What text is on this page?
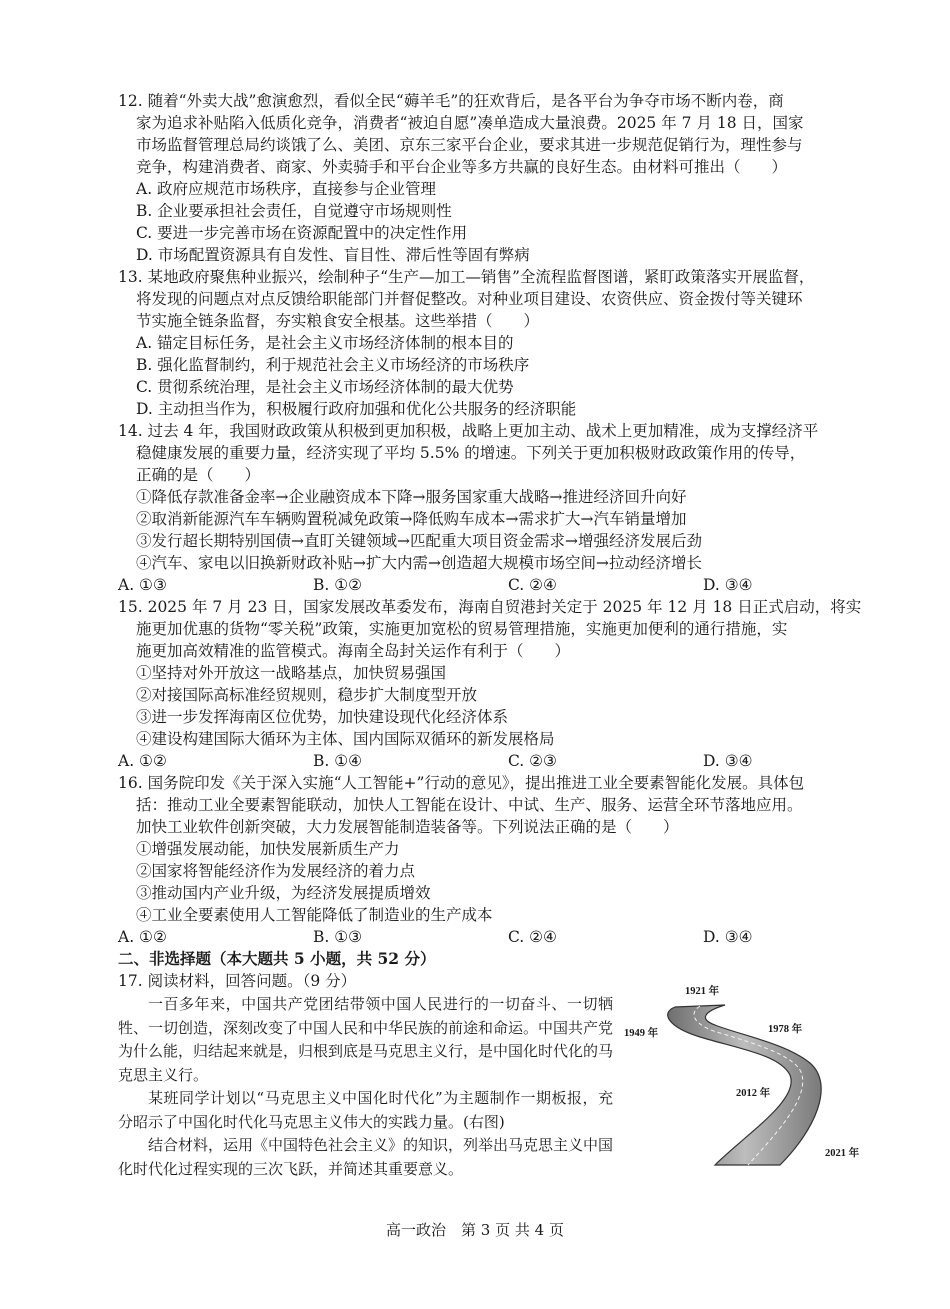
12. 随着“外卖大战”愈演愈烈，看似全民“薅羊毛”的狂欢背后，是各平台为争夺市场不断内卷，商
家为追求补贴陷入低质化竞争，消费者“被迫自愿”凑单造成大量浪费。2025 年 7 月 18 日，国家
市场监督管理总局约谈饿了么、美团、京东三家平台企业，要求其进一步规范促销行为，理性参与
竞争，构建消费者、商家、外卖骑手和平台企业等多方共赢的良好生态。由材料可推出（　　）
A. 政府应规范市场秩序，直接参与企业管理
B. 企业要承担社会责任，自觉遵守市场规则性
C. 要进一步完善市场在资源配置中的决定性作用
D. 市场配置资源具有自发性、盲目性、滞后性等固有弊病
13. 某地政府聚焦种业振兴，绘制种子“生产—加工—销售”全流程监督图谱，紧盯政策落实开展监督，
将发现的问题点对点反馈给职能部门并督促整改。对种业项目建设、农资供应、资金拨付等关键环
节实施全链条监督，夯实粮食安全根基。这些举措（　　）
A. 锚定目标任务，是社会主义市场经济体制的根本目的
B. 强化监督制约，利于规范社会主义市场经济的市场秩序
C. 贯彻系统治理，是社会主义市场经济体制的最大优势
D. 主动担当作为，积极履行政府加强和优化公共服务的经济职能
14. 过去 4 年，我国财政政策从积极到更加积极，战略上更加主动、战术上更加精准，成为支撑经济平
稳健康发展的重要力量，经济实现了平均 5.5% 的增速。下列关于更加积极财政政策作用的传导，
正确的是（　　）
①降低存款准备金率→企业融资成本下降→服务国家重大战略→推进经济回升向好
②取消新能源汽车车辆购置税减免政策→降低购车成本→需求扩大→汽车销量增加
③发行超长期特别国债→直盯关键领域→匹配重大项目资金需求→增强经济发展后劲
④汽车、家电以旧换新财政补贴→扩大内需→创造超大规模市场空间→拉动经济增长
A. ①③	B. ①②	C. ②④	D. ③④
15. 2025 年 7 月 23 日，国家发展改革委发布，海南自贸港封关定于 2025 年 12 月 18 日正式启动，将实
施更加优惠的货物“零关税”政策，实施更加宽松的贸易管理措施，实施更加便利的通行措施，实
施更加高效精准的监管模式。海南全岛封关运作有利于（　　）
①坚持对外开放这一战略基点，加快贸易强国
②对接国际高标准经贸规则，稳步扩大制度型开放
③进一步发挥海南区位优势，加快建设现代化经济体系
④建设构建国际大循环为主体、国内国际双循环的新发展格局
A. ①②	B. ①④	C. ②③	D. ③④
16. 国务院印发《关于深入实施“人工智能+”行动的意见》，提出推进工业全要素智能化发展。具体包
括：推动工业全要素智能联动，加快人工智能在设计、中试、生产、服务、运营全环节落地应用。
加快工业软件创新突破，大力发展智能制造装备等。下列说法正确的是（　　）
①增强发展动能，加快发展新质生产力
②国家将智能经济作为发展经济的着力点
③推动国内产业升级，为经济发展提质增效
④工业全要素使用人工智能降低了制造业的生产成本
A. ①②	B. ①③	C. ②④	D. ③④
二、非选择题（本大题共 5 小题，共 52 分）
17. 阅读材料，回答问题。（9 分）

一百多年来，中国共产党团结带领中国人民进行的一切奋斗、一切牺牲、一切创造，深刻改变了中国人民和中华民族的前途和命运。中国共产党为什么能，归结起来就是，归根到底是马克思主义行，是中国化时代化的马克思主义行。

某班同学计划以“马克思主义中国化时代化”为主题制作一期板报，充分昭示了中国化时代化马克思主义伟大的实践力量。(右图)

结合材料，运用《中国特色社会主义》的知识，列举出马克思主义中国化时代化过程实现的三次飞跃，并简述其重要意义。

1921 年
1949 年	1978 年
2012 年
2021 年
高一政治　第 3 页 共 4 页
